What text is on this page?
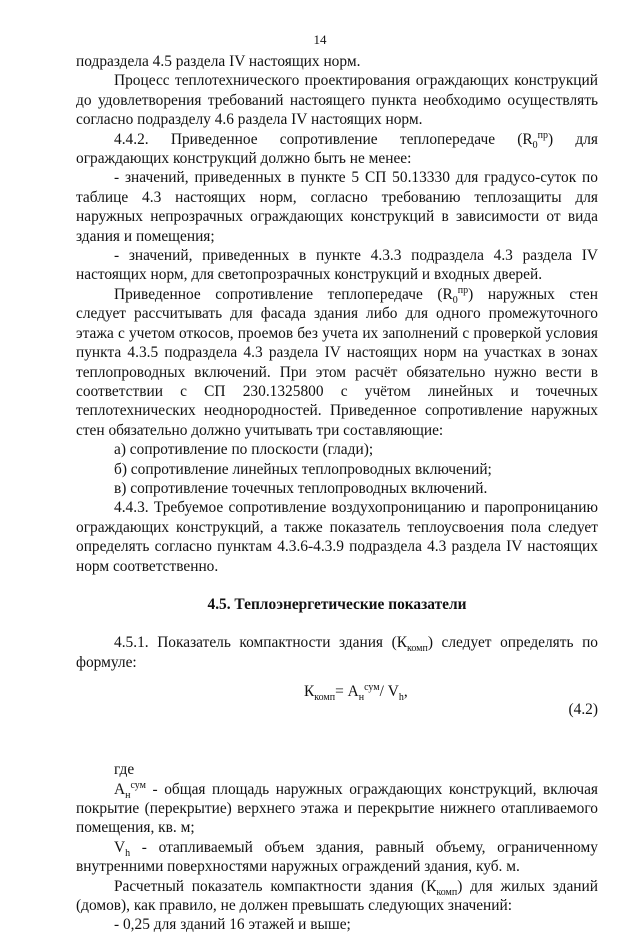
14

подраздела 4.5 раздела IV настоящих норм.

Процесс теплотехнического проектирования ограждающих конструкций до удовлетворения требований настоящего пункта необходимо осуществлять согласно подразделу 4.6 раздела IV настоящих норм.

4.4.2. Приведенное сопротивление теплопередаче $(R_0^{пр})$ для ограждающих конструкций должно быть не менее:

- значений, приведенных в пункте 5 СП 50.13330 для градусо-суток по таблице 4.3 настоящих норм, согласно требованию теплозащиты для наружных непрозрачных ограждающих конструкций в зависимости от вида здания и помещения;

- значений, приведенных в пункте 4.3.3 подраздела 4.3 раздела IV настоящих норм, для светопрозрачных конструкций и входных дверей.

Приведенное сопротивление теплопередаче $(R_0^{пр})$ наружных стен следует рассчитывать для фасада здания либо для одного промежуточного этажа с учетом откосов, проемов без учета их заполнений с проверкой условия пункта 4.3.5 подраздела 4.3 раздела IV настоящих норм на участках в зонах теплопроводных включений. При этом расчёт обязательно нужно вести в соответствии с СП 230.1325800 с учётом линейных и точечных теплотехнических неоднородностей. Приведенное сопротивление наружных стен обязательно должно учитывать три составляющие:

а) сопротивление по плоскости (глади);

б) сопротивление линейных теплопроводных включений;

в) сопротивление точечных теплопроводных включений.

4.4.3. Требуемое сопротивление воздухопроницанию и паропроницанию ограждающих конструкций, а также показатель теплоусвоения пола следует определять согласно пунктам 4.3.6-4.3.9 подраздела 4.3 раздела IV настоящих норм соответственно.

4.5. Теплоэнергетические показатели

4.5.1. Показатель компактности здания $(К_{комп})$ следует определять по формуле:

$К_{комп}= А_н^{сум}/$ $V_h$,
(4.2)

где

$А_н^{сум}$ - общая площадь наружных ограждающих конструкций, включая покрытие (перекрытие) верхнего этажа и перекрытие нижнего отапливаемого помещения, кв. м;

$V_h$ - отапливаемый объем здания, равный объему, ограниченному внутренними поверхностями наружных ограждений здания, куб. м.

Расчетный показатель компактности здания $(К_{комп})$ для жилых зданий (домов), как правило, не должен превышать следующих значений:

- 0,25 для зданий 16 этажей и выше;
